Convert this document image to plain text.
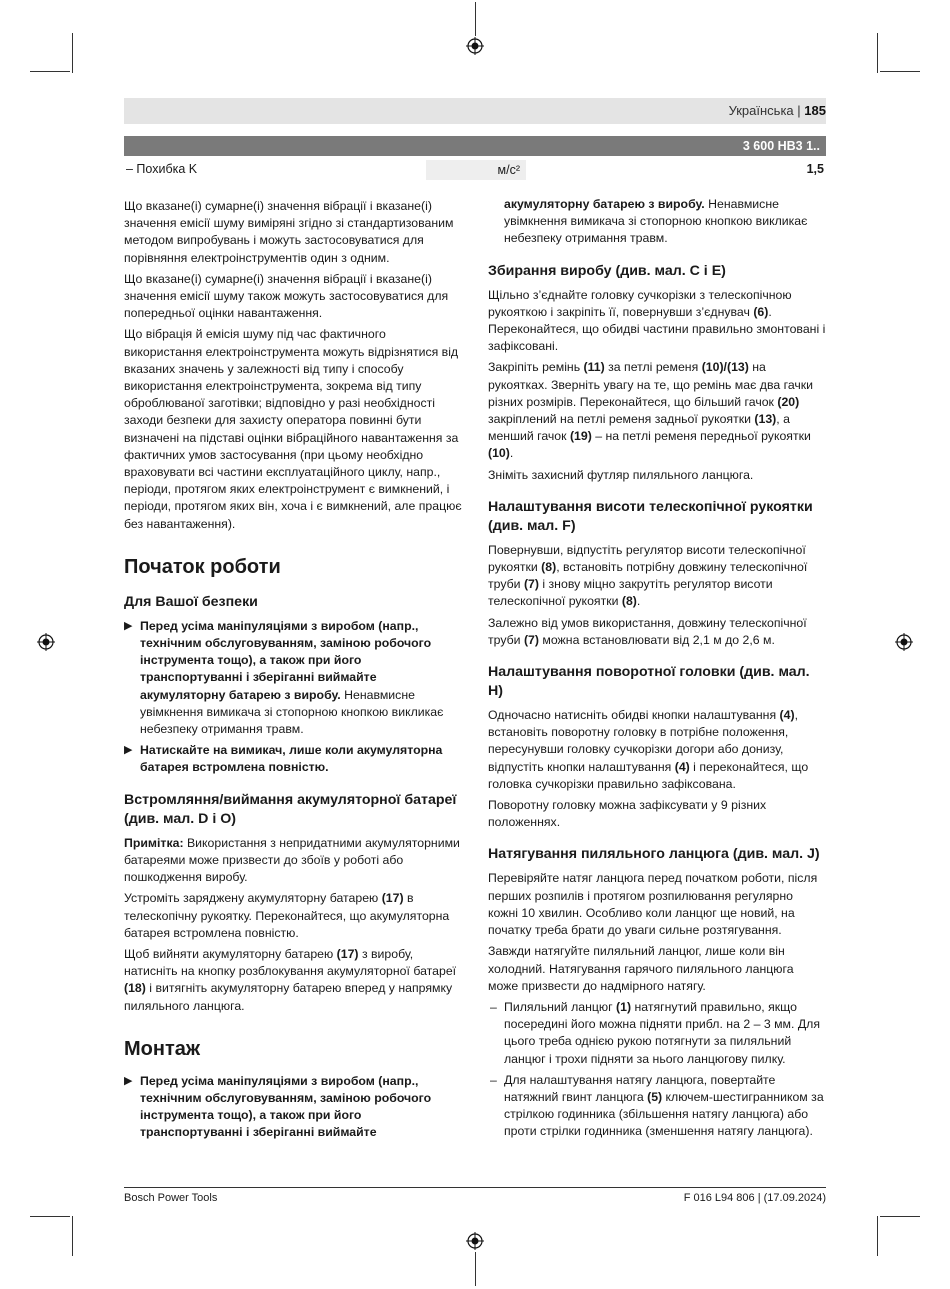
Українська | 185
3 600 HB3 1..
– Похибка K	м/с²	1,5

Що вказане(і) сумарне(і) значення вібрації і вказане(і) значення емісії шуму виміряні згідно зі стандартизованим методом випробувань і можуть застосовуватися для порівняння електроінструментів один з одним.

Що вказане(і) сумарне(і) значення вібрації і вказане(і) значення емісії шуму також можуть застосовуватися для попередньої оцінки навантаження.

Що вібрація й емісія шуму під час фактичного використання електроінструмента можуть відрізнятися від вказаних значень у залежності від типу і способу використання електроінструмента, зокрема від типу оброблюваної заготівки; відповідно у разі необхідності заходи безпеки для захисту оператора повинні бути визначені на підставі оцінки вібраційного навантаження за фактичних умов застосування (при цьому необхідно враховувати всі частини експлуатаційного циклу, напр., періоди, протягом яких електроінструмент є вимкнений, і періоди, протягом яких він, хоча і є вимкнений, але працює без навантаження).

Початок роботи
Для Вашої безпеки
▶ Перед усіма маніпуляціями з виробом (напр., технічним обслуговуванням, заміною робочого інструмента тощо), а також при його транспортуванні і зберіганні виймайте акумуляторну батарею з виробу. Ненавмисне увімкнення вимикача зі стопорною кнопкою викликає небезпеку отримання травм.
▶ Натискайте на вимикач, лише коли акумуляторна батарея встромлена повністю.
Встромляння/виймання акумуляторної батареї (див. мал. D і O)

Примітка: Використання з непридатними акумуляторними батареями може призвести до збоїв у роботі або пошкодження виробу.

Устроміть заряджену акумуляторну батарею (17) в телескопічну рукоятку. Переконайтеся, що акумуляторна батарея встромлена повністю.

Щоб вийняти акумуляторну батарею (17) з виробу, натисніть на кнопку розблокування акумуляторної батареї (18) і витягніть акумуляторну батарею вперед у напрямку пиляльного ланцюга.

Монтаж
▶ Перед усіма маніпуляціями з виробом (напр., технічним обслуговуванням, заміною робочого інструмента тощо), а також при його транспортуванні і зберіганні виймайте
акумуляторну батарею з виробу. Ненавмисне увімкнення вимикача зі стопорною кнопкою викликає небезпеку отримання травм.
Збирання виробу (див. мал. C і E)

Щільно з’єднайте головку сучкорізки з телескопічною рукояткою і закріпіть її, повернувши з’єднувач (6). Переконайтеся, що обидві частини правильно змонтовані і зафіксовані.

Закріпіть ремінь (11) за петлі ременя (10)/(13) на рукоятках. Зверніть увагу на те, що ремінь має два гачки різних розмірів. Переконайтеся, що більший гачок (20) закріплений на петлі ременя задньої рукоятки (13), а менший гачок (19) – на петлі ременя передньої рукоятки (10).

Зніміть захисний футляр пиляльного ланцюга.

Налаштування висоти телескопічної рукоятки (див. мал. F)

Повернувши, відпустіть регулятор висоти телескопічної рукоятки (8), встановіть потрібну довжину телескопічної труби (7) і знову міцно закрутіть регулятор висоти телескопічної рукоятки (8).

Залежно від умов використання, довжину телескопічної труби (7) можна встановлювати від 2,1 м до 2,6 м.

Налаштування поворотної головки (див. мал. H)

Одночасно натисніть обидві кнопки налаштування (4), встановіть поворотну головку в потрібне положення, пересунувши головку сучкорізки догори або донизу, відпустіть кнопки налаштування (4) і переконайтеся, що головка сучкорізки правильно зафіксована.

Поворотну головку можна зафіксувати у 9 різних положеннях.

Натягування пиляльного ланцюга (див. мал. J)

Перевіряйте натяг ланцюга перед початком роботи, після перших розпилів і протягом розпилювання регулярно кожні 10 хвилин. Особливо коли ланцюг ще новий, на початку треба брати до уваги сильне розтягування.

Завжди натягуйте пиляльний ланцюг, лише коли він холодний. Натягування гарячого пиляльного ланцюга може призвести до надмірного натягу.

– Пиляльний ланцюг (1) натягнутий правильно, якщо посередині його можна підняти прибл. на 2 – 3 мм. Для цього треба однією рукою потягнути за пиляльний ланцюг і трохи підняти за нього ланцюгову пилку.
– Для налаштування натягу ланцюга, повертайте натяжний гвинт ланцюга (5) ключем-шестигранником за стрілкою годинника (збільшення натягу ланцюга) або проти стрілки годинника (зменшення натягу ланцюга).
Bosch Power Tools	F 016 L94 806 | (17.09.2024)
